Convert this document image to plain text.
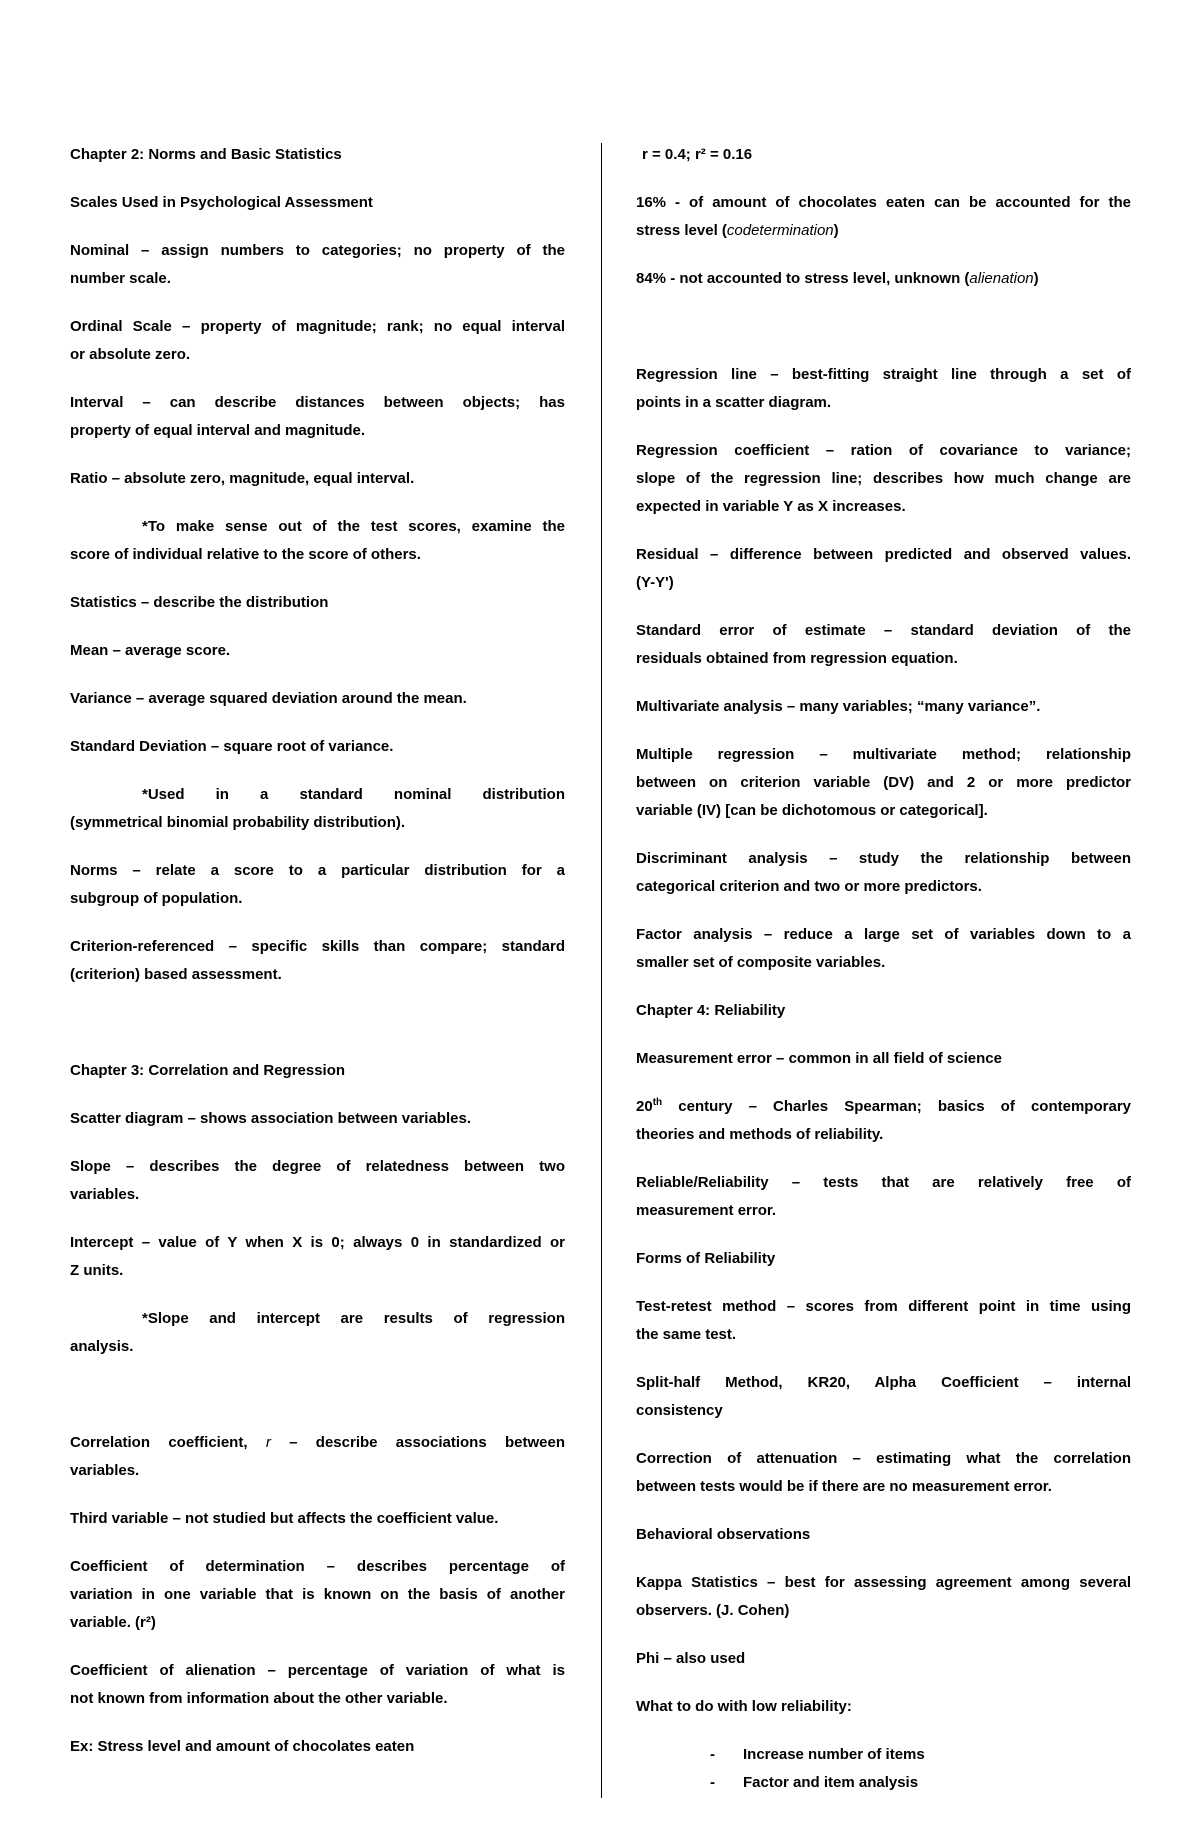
Chapter 2: Norms and Basic Statistics
Scales Used in Psychological Assessment
Nominal – assign numbers to categories; no property of the
number scale.
Ordinal Scale – property of magnitude; rank; no equal interval
or absolute zero.
Interval – can describe distances between objects; has
property of equal interval and magnitude.
Ratio – absolute zero, magnitude, equal interval.
*To make sense out of the test scores, examine the
score of individual relative to the score of others.
Statistics – describe the distribution
Mean – average score.
Variance – average squared deviation around the mean.
Standard Deviation – square root of variance.
*Used in a standard nominal distribution
(symmetrical binomial probability distribution).
Norms – relate a score to a particular distribution for a
subgroup of population.
Criterion-referenced – specific skills than compare; standard
(criterion) based assessment.
Chapter 3: Correlation and Regression
Scatter diagram – shows association between variables.
Slope – describes the degree of relatedness between two
variables.
Intercept – value of Y when X is 0; always 0 in standardized or
Z units.
*Slope and intercept are results of regression
analysis.
Correlation coefficient, r – describe associations between
variables.
Third variable – not studied but affects the coefficient value.
Coefficient of determination – describes percentage of
variation in one variable that is known on the basis of another
variable. (r²)
Coefficient of alienation – percentage of variation of what is
not known from information about the other variable.
Ex: Stress level and amount of chocolates eaten
r = 0.4; r² = 0.16
16% - of amount of chocolates eaten can be accounted for the
stress level (codetermination)
84% - not accounted to stress level, unknown (alienation)
Regression line – best-fitting straight line through a set of
points in a scatter diagram.
Regression coefficient – ration of covariance to variance;
slope of the regression line; describes how much change are
expected in variable Y as X increases.
Residual – difference between predicted and observed values.
(Y-Y')
Standard error of estimate – standard deviation of the
residuals obtained from regression equation.
Multivariate analysis – many variables; “many variance”.
Multiple regression – multivariate method; relationship
between on criterion variable (DV) and 2 or more predictor
variable (IV) [can be dichotomous or categorical].
Discriminant analysis – study the relationship between
categorical criterion and two or more predictors.
Factor analysis – reduce a large set of variables down to a
smaller set of composite variables.
Chapter 4: Reliability
Measurement error – common in all field of science
20th century – Charles Spearman; basics of contemporary
theories and methods of reliability.
Reliable/Reliability – tests that are relatively free of
measurement error.
Forms of Reliability
Test-retest method – scores from different point in time using
the same test.
Split-half Method, KR20, Alpha Coefficient – internal
consistency
Correction of attenuation – estimating what the correlation
between tests would be if there are no measurement error.
Behavioral observations
Kappa Statistics – best for assessing agreement among several
observers. (J. Cohen)
Phi – also used
What to do with low reliability:
- Increase number of items
- Factor and item analysis
